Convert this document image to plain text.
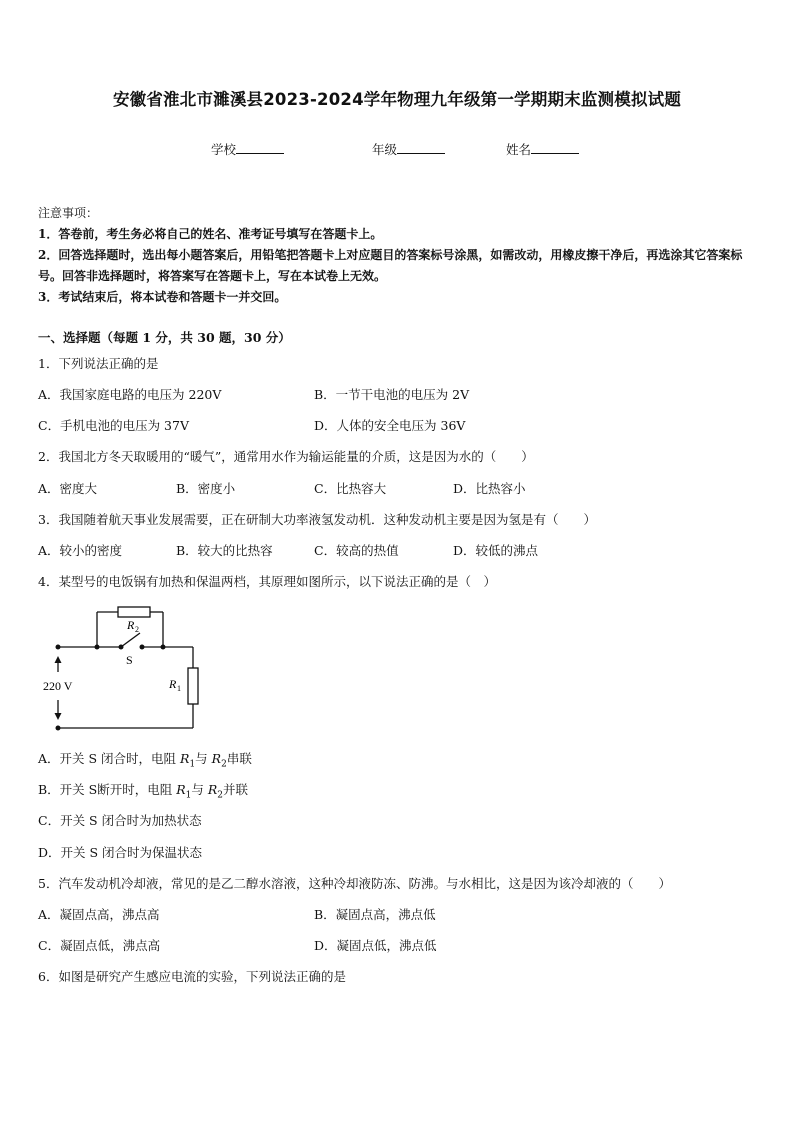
安徽省淮北市濉溪县2023-2024学年物理九年级第一学期期末监测模拟试题
学校	年级	姓名
注意事项：
1．答卷前，考生务必将自己的姓名、准考证号填写在答题卡上。
2．回答选择题时，选出每小题答案后，用铅笔把答题卡上对应题目的答案标号涂黑，如需改动，用橡皮擦干净后，再选涂其它答案标号。回答非选择题时，将答案写在答题卡上，写在本试卷上无效。
3．考试结束后，将本试卷和答题卡一并交回。
一、选择题（每题 1 分，共 30 题，30 分）
1．下列说法正确的是
A．我国家庭电路的电压为 220V	B．一节干电池的电压为 2V
C．手机电池的电压为 37V	D．人体的安全电压为 36V
2．我国北方冬天取暖用的“暖气”，通常用水作为输运能量的介质，这是因为水的（　　）
A．密度大	B．密度小	C．比热容大	D．比热容小
3．我国随着航天事业发展需要，正在研制大功率液氢发动机．这种发动机主要是因为氢是有（　　）
A．较小的密度	B．较大的比热容	C．较高的热值	D．较低的沸点
4．某型号的电饭锅有加热和保温两档，其原理如图所示，以下说法正确的是（　）
220 V
R 2
S
R 1
A．开关 S 闭合时，电阻 $R_1$与 $R_2$串联
B．开关 S断开时，电阻 $R_1$与 $R_2$并联
C．开关 S 闭合时为加热状态
D．开关 S 闭合时为保温状态
5．汽车发动机冷却液，常见的是乙二醇水溶液，这种冷却液防冻、防沸。与水相比，这是因为该冷却液的（　　）
A．凝固点高，沸点高	B．凝固点高，沸点低
C．凝固点低，沸点高	D．凝固点低，沸点低
6．如图是研究产生感应电流的实验，下列说法正确的是
